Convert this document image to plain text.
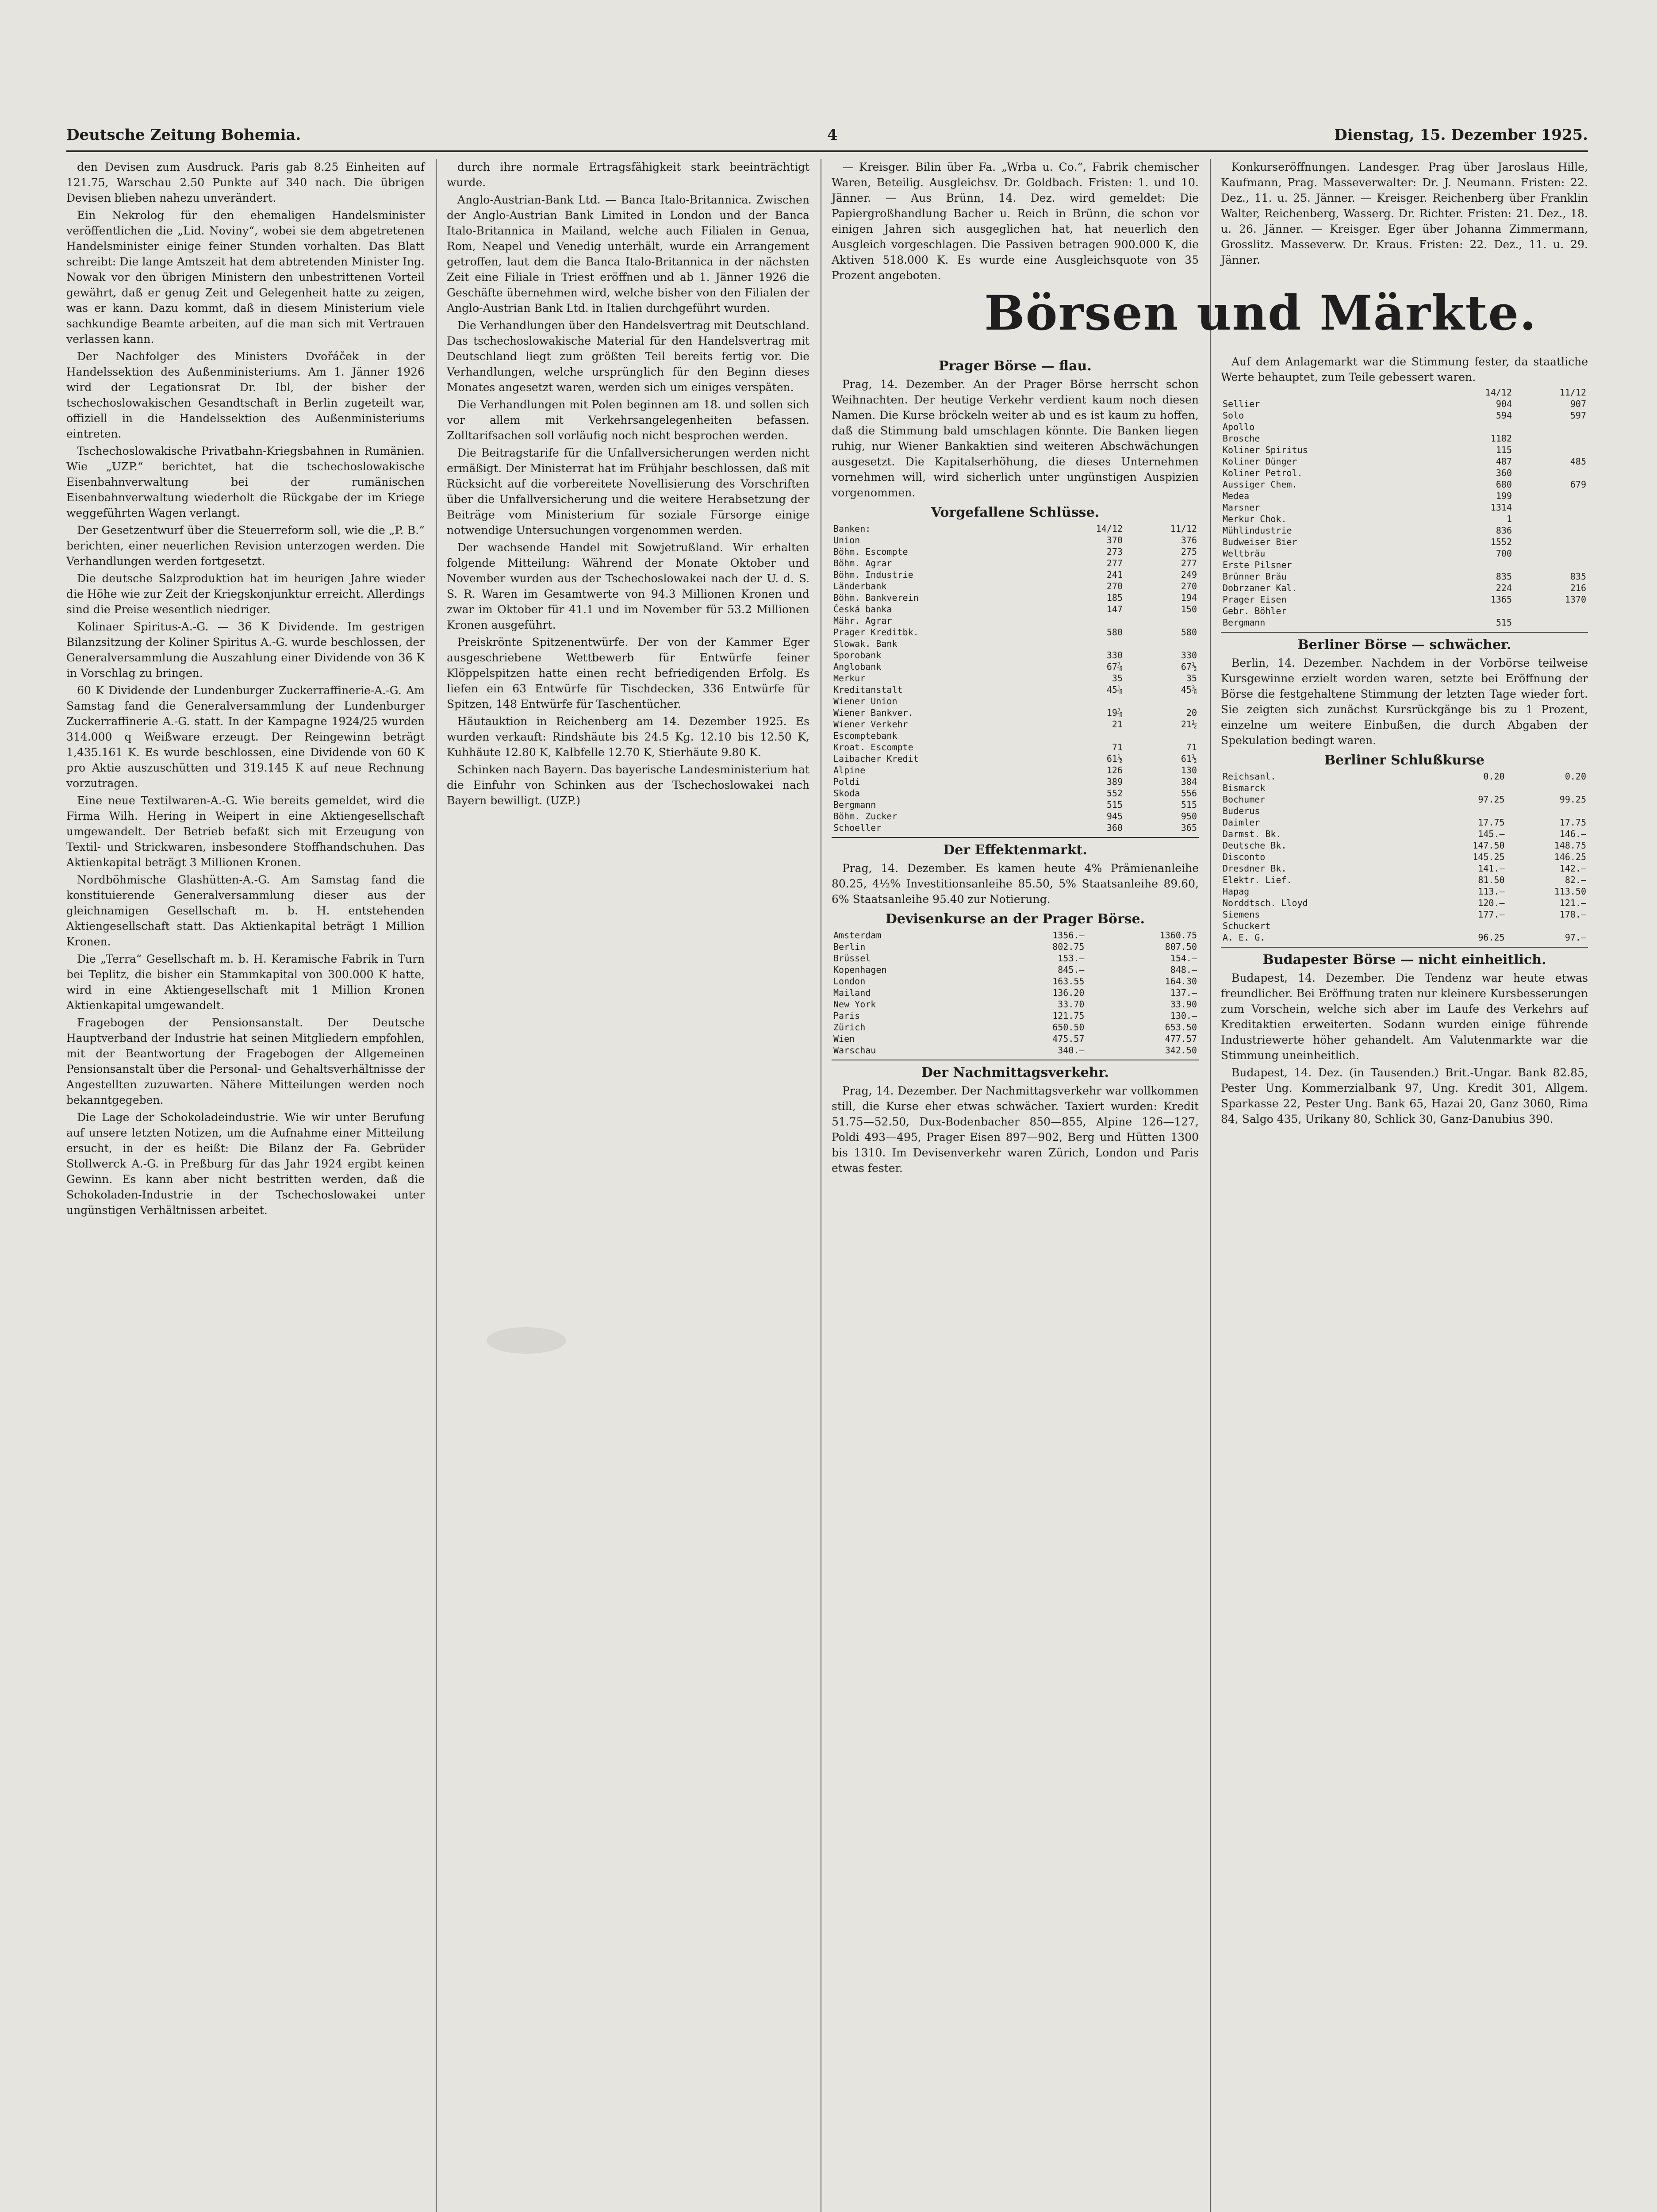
Deutsche Zeitung Bohemia.	4	Dienstag, 15. Dezember 1925.

den Devisen zum Ausdruck. Paris gab 8.25 Einheiten auf 121.75, Warschau 2.50 Punkte auf 340 nach. Die übrigen Devisen blieben nahezu unverändert.

Ein Nekrolog für den ehemaligen Handelsminister veröffentlichen die „Lid. Noviny“, wobei sie dem abgetretenen Handelsminister einige feiner Stunden vorhalten. Das Blatt schreibt: Die lange Amtszeit hat dem abtretenden Minister Ing. Nowak vor den übrigen Ministern den unbestrittenen Vorteil gewährt, daß er genug Zeit und Gelegenheit hatte zu zeigen, was er kann. Dazu kommt, daß in diesem Ministerium viele sachkundige Beamte arbeiten, auf die man sich mit Vertrauen verlassen kann.

Der Nachfolger des Ministers Dvořáček in der Handelssektion des Außenministeriums. Am 1. Jänner 1926 wird der Legationsrat Dr. Ibl, der bisher der tschechoslowakischen Gesandtschaft in Berlin zugeteilt war, offiziell in die Handelssektion des Außenministeriums eintreten.

Tschechoslowakische Privatbahn-Kriegsbahnen in Rumänien. Wie „UZP.“ berichtet, hat die tschechoslowakische Eisenbahnverwaltung bei der rumänischen Eisenbahnverwaltung wiederholt die Rückgabe der im Kriege weggeführten Wagen verlangt.

Der Gesetzentwurf über die Steuerreform soll, wie die „P. B.“ berichten, einer neuerlichen Revision unterzogen werden. Die Verhandlungen werden fortgesetzt.

Die deutsche Salzproduktion hat im heurigen Jahre wieder die Höhe wie zur Zeit der Kriegskonjunktur erreicht. Allerdings sind die Preise wesentlich niedriger.

Kolinaer Spiritus-A.-G. — 36 K Dividende. Im gestrigen Bilanzsitzung der Koliner Spiritus A.-G. wurde beschlossen, der Generalversammlung die Auszahlung einer Dividende von 36 K in Vorschlag zu bringen.

60 K Dividende der Lundenburger Zuckerraffinerie-A.-G. Am Samstag fand die Generalversammlung der Lundenburger Zuckerraffinerie A.-G. statt. In der Kampagne 1924/25 wurden 314.000 q Weißware erzeugt. Der Reingewinn beträgt 1,435.161 K. Es wurde beschlossen, eine Dividende von 60 K pro Aktie auszuschütten und 319.145 K auf neue Rechnung vorzutragen.

Eine neue Textilwaren-A.-G. Wie bereits gemeldet, wird die Firma Wilh. Hering in Weipert in eine Aktiengesellschaft umgewandelt. Der Betrieb befaßt sich mit Erzeugung von Textil- und Strickwaren, insbesondere Stoffhandschuhen. Das Aktienkapital beträgt 3 Millionen Kronen.

Nordböhmische Glashütten-A.-G. Am Samstag fand die konstituierende Generalversammlung dieser aus der gleichnamigen Gesellschaft m. b. H. entstehenden Aktiengesellschaft statt. Das Aktienkapital beträgt 1 Million Kronen.

Die „Terra“ Gesellschaft m. b. H. Keramische Fabrik in Turn bei Teplitz, die bisher ein Stammkapital von 300.000 K hatte, wird in eine Aktiengesellschaft mit 1 Million Kronen Aktienkapital umgewandelt.

Fragebogen der Pensionsanstalt. Der Deutsche Hauptverband der Industrie hat seinen Mitgliedern empfohlen, mit der Beantwortung der Fragebogen der Allgemeinen Pensionsanstalt über die Personal- und Gehaltsverhältnisse der Angestellten zuzuwarten. Nähere Mitteilungen werden noch bekanntgegeben.

Die Lage der Schokoladeindustrie. Wie wir unter Berufung auf unsere letzten Notizen, um die Aufnahme einer Mitteilung ersucht, in der es heißt: Die Bilanz der Fa. Gebrüder Stollwerck A.-G. in Preßburg für das Jahr 1924 ergibt keinen Gewinn. Es kann aber nicht bestritten werden, daß die Schokoladen-Industrie in der Tschechoslowakei unter ungünstigen Verhältnissen arbeitet.

durch ihre normale Ertragsfähigkeit stark beeinträchtigt wurde.

Anglo-Austrian-Bank Ltd. — Banca Italo-Britannica. Zwischen der Anglo-Austrian Bank Limited in London und der Banca Italo-Britannica in Mailand, welche auch Filialen in Genua, Rom, Neapel und Venedig unterhält, wurde ein Arrangement getroffen, laut dem die Banca Italo-Britannica in der nächsten Zeit eine Filiale in Triest eröffnen und ab 1. Jänner 1926 die Geschäfte übernehmen wird, welche bisher von den Filialen der Anglo-Austrian Bank Ltd. in Italien durchgeführt wurden.

Die Verhandlungen über den Handelsvertrag mit Deutschland. Das tschechoslowakische Material für den Handelsvertrag mit Deutschland liegt zum größten Teil bereits fertig vor. Die Verhandlungen, welche ursprünglich für den Beginn dieses Monates angesetzt waren, werden sich um einiges verspäten.

Die Verhandlungen mit Polen beginnen am 18. und sollen sich vor allem mit Verkehrsangelegenheiten befassen. Zolltarifsachen soll vorläufig noch nicht besprochen werden.

Die Beitragstarife für die Unfallversicherungen werden nicht ermäßigt. Der Ministerrat hat im Frühjahr beschlossen, daß mit Rücksicht auf die vorbereitete Novellisierung des Vorschriften über die Unfallversicherung und die weitere Herabsetzung der Beiträge vom Ministerium für soziale Fürsorge einige notwendige Untersuchungen vorgenommen werden.

Der wachsende Handel mit Sowjetrußland. Wir erhalten folgende Mitteilung: Während der Monate Oktober und November wurden aus der Tschechoslowakei nach der U. d. S. S. R. Waren im Gesamtwerte von 94.3 Millionen Kronen und zwar im Oktober für 41.1 und im November für 53.2 Millionen Kronen ausgeführt.

Preiskrönte Spitzenentwürfe. Der von der Kammer Eger ausgeschriebene Wettbewerb für Entwürfe feiner Klöppelspitzen hatte einen recht befriedigenden Erfolg. Es liefen ein 63 Entwürfe für Tischdecken, 336 Entwürfe für Spitzen, 148 Entwürfe für Taschentücher.

Häutauktion in Reichenberg am 14. Dezember 1925. Es wurden verkauft: Rindshäute bis 24.5 Kg. 12.10 bis 12.50 K, Kuhhäute 12.80 K, Kalbfelle 12.70 K, Stierhäute 9.80 K.

Schinken nach Bayern. Das bayerische Landesministerium hat die Einfuhr von Schinken aus der Tschechoslowakei nach Bayern bewilligt. (UZP.)

— Kreisger. Bilin über Fa. „Wrba u. Co.“, Fabrik chemischer Waren, Beteilig. Ausgleichsv. Dr. Goldbach. Fristen: 1. und 10. Jänner. — Aus Brünn, 14. Dez. wird gemeldet: Die Papiergroßhandlung Bacher u. Reich in Brünn, die schon vor einigen Jahren sich ausgeglichen hat, hat neuerlich den Ausgleich vorgeschlagen. Die Passiven betragen 900.000 K, die Aktiven 518.000 K. Es wurde eine Ausgleichsquote von 35 Prozent angeboten.

Konkurseröffnungen. Landesger. Prag über Jaroslaus Hille, Kaufmann, Prag. Masseverwalter: Dr. J. Neumann. Fristen: 22. Dez., 11. u. 25. Jänner. — Kreisger. Reichenberg über Franklin Walter, Reichenberg, Wasserg. Dr. Richter. Fristen: 21. Dez., 18. u. 26. Jänner. — Kreisger. Eger über Johanna Zimmermann, Grosslitz. Masseverw. Dr. Kraus. Fristen: 22. Dez., 11. u. 29. Jänner.

Börsen und Märkte.
Prager Börse — flau.

Prag, 14. Dezember. An der Prager Börse herrscht schon Weihnachten. Der heutige Verkehr verdient kaum noch diesen Namen. Die Kurse bröckeln weiter ab und es ist kaum zu hoffen, daß die Stimmung bald umschlagen könnte. Die Banken liegen ruhig, nur Wiener Bankaktien sind weiteren Abschwächungen ausgesetzt. Die Kapitalserhöhung, die dieses Unternehmen vornehmen will, wird sicherlich unter ungünstigen Auspizien vorgenommen.

Vorgefallene Schlüsse.
Banken:	14/12	11/12
Union	370	376
Böhm. Escompte	273	275
Böhm. Agrar	277	277
Böhm. Industrie	241	249
Länderbank	270	270
Böhm. Bankverein	185	194
Česká banka	147	150
Mähr. Agrar		
Prager Kreditbk.	580	580
Slowak. Bank		
Sporobank	330	330
Anglobank	67⅞	67½
Merkur	35	35
Kreditanstalt	45⅛	45⅜
Wiener Union		
Wiener Bankver.	19⅞	20
Wiener Verkehr	21	21½
Escomptebank		
Kroat. Escompte	71	71
Laibacher Kredit	61½	61½
Alpine	126	130
Poldi	389	384
Skoda	552	556
Bergmann	515	515
Böhm. Zucker	945	950
Schoeller	360	365
Der Effektenmarkt.

Prag, 14. Dezember. Es kamen heute 4% Prämienanleihe 80.25, 4½% Investitionsanleihe 85.50, 5% Staatsanleihe 89.60, 6% Staatsanleihe 95.40 zur Notierung.

Devisenkurse an der Prager Börse.
Amsterdam	1356.—	1360.75
Berlin	802.75	807.50
Brüssel	153.—	154.—
Kopenhagen	845.—	848.—
London	163.55	164.30
Mailand	136.20	137.—
New York	33.70	33.90
Paris	121.75	130.—
Zürich	650.50	653.50
Wien	475.57	477.57
Warschau	340.—	342.50
Der Nachmittagsverkehr.

Prag, 14. Dezember. Der Nachmittagsverkehr war vollkommen still, die Kurse eher etwas schwächer. Taxiert wurden: Kredit 51.75—52.50, Dux-Bodenbacher 850—855, Alpine 126—127, Poldi 493—495, Prager Eisen 897—902, Berg und Hütten 1300 bis 1310. Im Devisenverkehr waren Zürich, London und Paris etwas fester.

Auf dem Anlagemarkt war die Stimmung fester, da staatliche Werte behauptet, zum Teile gebessert waren.

	14/12	11/12
Sellier	904	907
Solo	594	597
Apollo		
Brosche	1182	
Koliner Spiritus	115	
Koliner Dünger	487	485
Koliner Petrol.	360	
Aussiger Chem.	680	679
Medea	199	
Marsner	1314	
Merkur Chok.	1	
Mühlindustrie	836	
Budweiser Bier	1552	
Weltbräu	700	
Erste Pilsner		
Brünner Bräu	835	835
Dobrzaner Kal.	224	216
Prager Eisen	1365	1370
Gebr. Böhler		
Bergmann	515	
Berliner Börse — schwächer.

Berlin, 14. Dezember. Nachdem in der Vorbörse teilweise Kursgewinne erzielt worden waren, setzte bei Eröffnung der Börse die festgehaltene Stimmung der letzten Tage wieder fort. Sie zeigten sich zunächst Kursrückgänge bis zu 1 Prozent, einzelne um weitere Einbußen, die durch Abgaben der Spekulation bedingt waren.

Berliner Schlußkurse
Reichsanl.	0.20	0.20
Bismarck		
Bochumer	97.25	99.25
Buderus		
Daimler	17.75	17.75
Darmst. Bk.	145.—	146.—
Deutsche Bk.	147.50	148.75
Disconto	145.25	146.25
Dresdner Bk.	141.—	142.—
Elektr. Lief.	81.50	82.—
Hapag	113.—	113.50
Norddtsch. Lloyd	120.—	121.—
Siemens	177.—	178.—
Schuckert		
A. E. G.	96.25	97.—
Budapester Börse — nicht einheitlich.

Budapest, 14. Dezember. Die Tendenz war heute etwas freundlicher. Bei Eröffnung traten nur kleinere Kursbesserungen zum Vorschein, welche sich aber im Laufe des Verkehrs auf Kreditaktien erweiterten. Sodann wurden einige führende Industriewerte höher gehandelt. Am Valutenmarkte war die Stimmung uneinheitlich.

Budapest, 14. Dez. (in Tausenden.) Brit.-Ungar. Bank 82.85, Pester Ung. Kommerzialbank 97, Ung. Kredit 301, Allgem. Sparkasse 22, Pester Ung. Bank 65, Hazai 20, Ganz 3060, Rima 84, Salgo 435, Urikany 80, Schlick 30, Ganz-Danubius 390.
